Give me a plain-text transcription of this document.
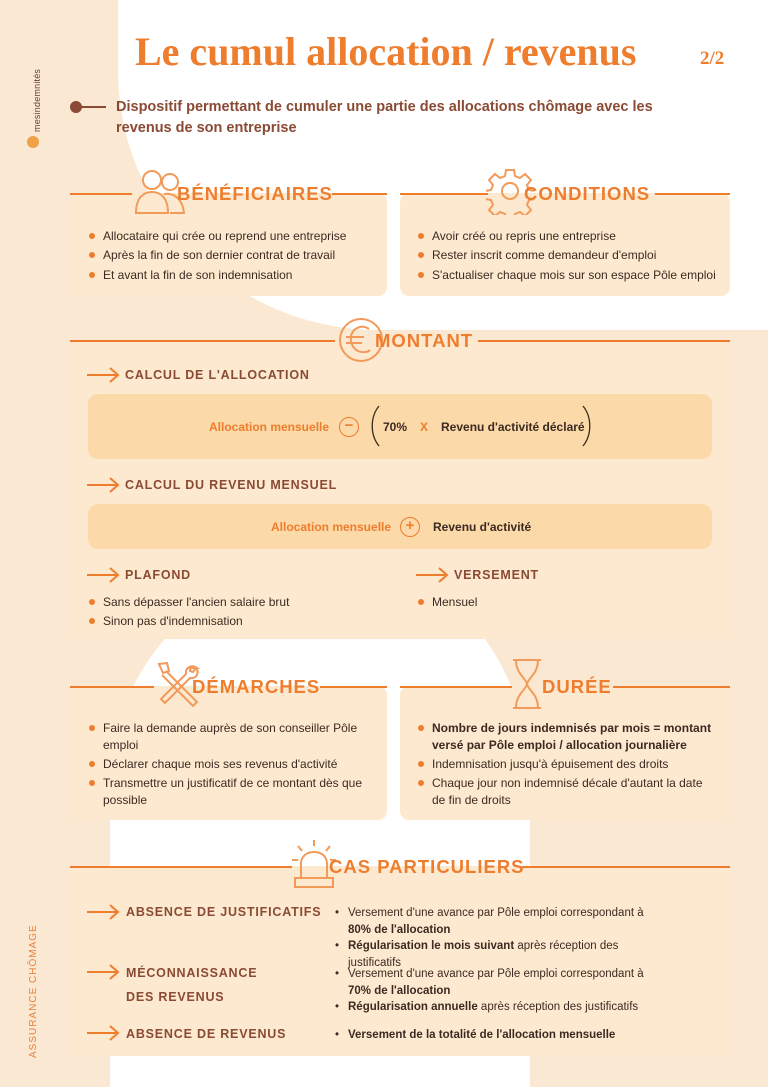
mesindemnités
ASSURANCE CHÔMAGE
Le cumul allocation / revenus	2/2
Dispositif permettant de cumuler une partie des allocations chômage avec les revenus de son entreprise
BÉNÉFICIAIRES
Allocataire qui crée ou reprend une entreprise
Après la fin de son dernier contrat de travail
Et avant la fin de son indemnisation
CONDITIONS
Avoir créé ou repris une entreprise
Rester inscrit comme demandeur d'emploi
S'actualiser chaque mois sur son espace Pôle emploi
MONTANT
CALCUL DE L'ALLOCATION
Allocation mensuelle	−	70% X Revenu d'activité déclaré
CALCUL DU REVENU MENSUEL
Allocation mensuelle +	Revenu d'activité
PLAFOND
Sans dépasser l'ancien salaire brut
Sinon pas d'indemnisation
VERSEMENT
Mensuel
DÉMARCHES
Faire la demande auprès de son conseiller Pôle emploi
Déclarer chaque mois ses revenus d'activité
Transmettre un justificatif de ce montant dès que possible
DURÉE
Nombre de jours indemnisés par mois = montant versé par Pôle emploi / allocation journalière
Indemnisation jusqu'à épuisement des droits
Chaque jour non indemnisé décale d'autant la date de fin de droits
CAS PARTICULIERS
ABSENCE DE JUSTIFICATIFS	• Versement d'une avance par Pôle emploi correspondant à 80% de l'allocation
• Régularisation le mois suivant après réception des justificatifs
MÉCONNAISSANCE DES REVENUS
• Versement d'une avance par Pôle emploi correspondant à 70% de l'allocation
• Régularisation annuelle après réception des justificatifs
ABSENCE DE REVENUS	• Versement de la totalité de l'allocation mensuelle
